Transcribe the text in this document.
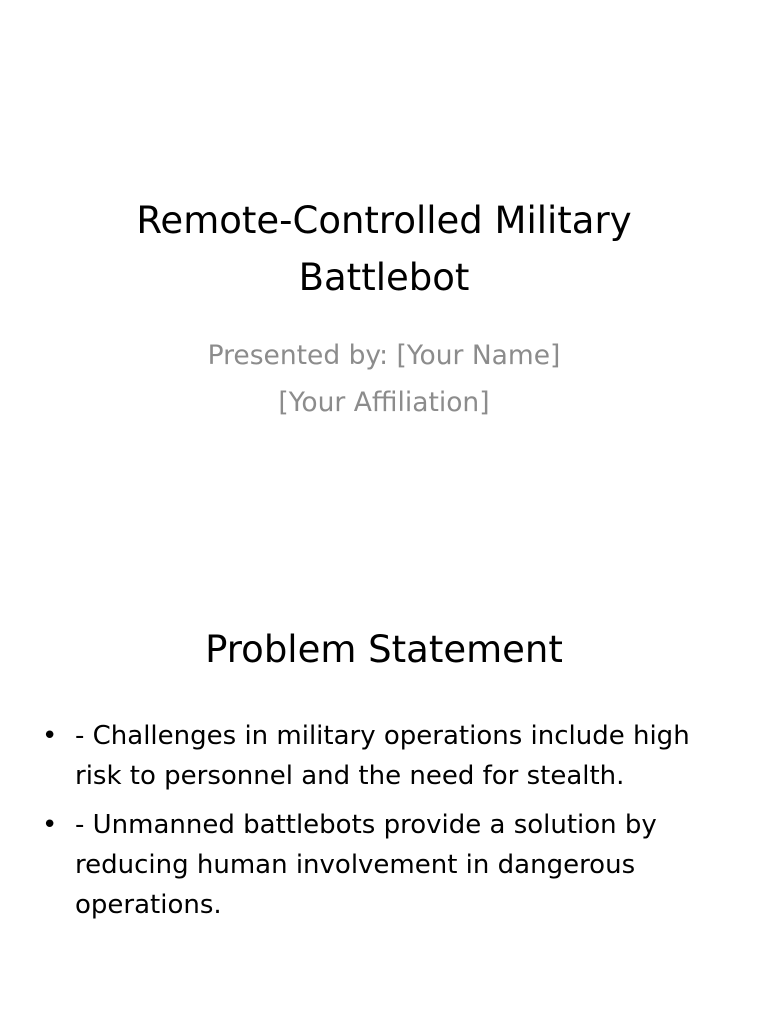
Remote-Controlled Military
Battlebot
Presented by: [Your Name]
[Your Affiliation]
Problem Statement
• - Challenges in military operations include high risk to personnel and the need for stealth.
• - Unmanned battlebots provide a solution by reducing human involvement in dangerous operations.
